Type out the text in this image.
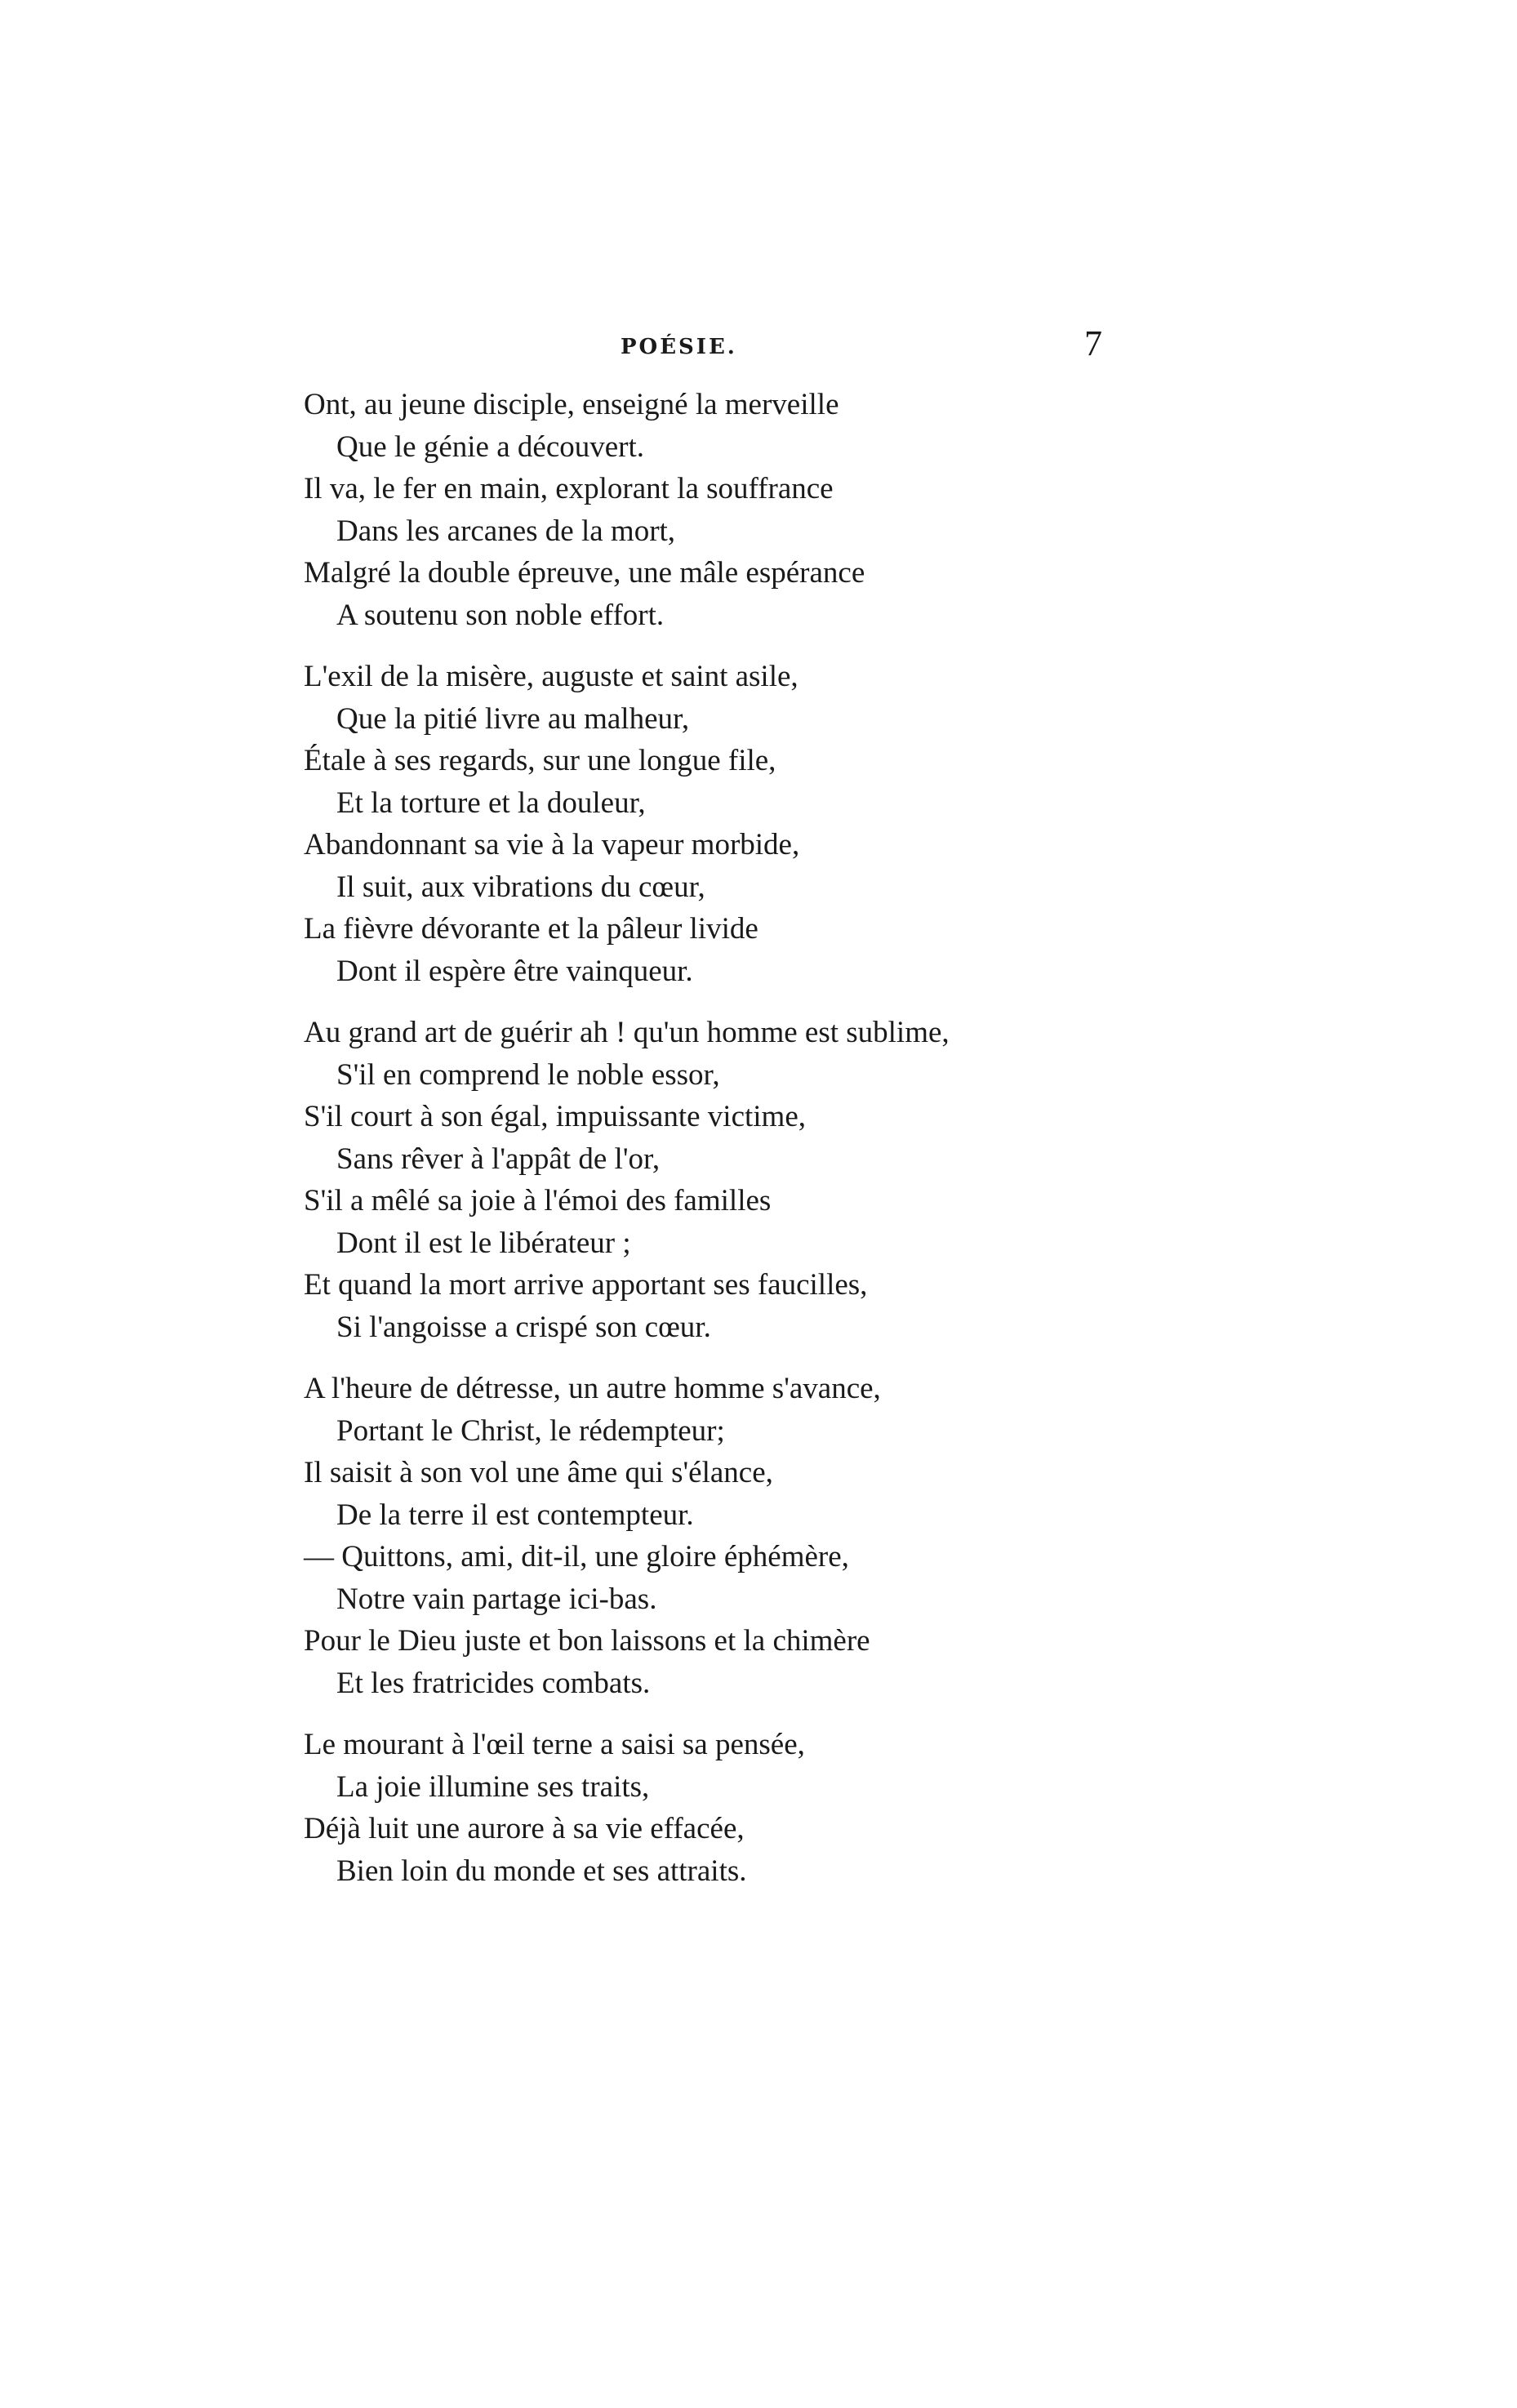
POÉSIE.	7
Ont, au jeune disciple, enseigné la merveille
Que le génie a découvert.
Il va, le fer en main, explorant la souffrance
Dans les arcanes de la mort,
Malgré la double épreuve, une mâle espérance
A soutenu son noble effort.
L'exil de la misère, auguste et saint asile,
Que la pitié livre au malheur,
Étale à ses regards, sur une longue file,
Et la torture et la douleur,
Abandonnant sa vie à la vapeur morbide,
Il suit, aux vibrations du cœur,
La fièvre dévorante et la pâleur livide
Dont il espère être vainqueur.
Au grand art de guérir ah ! qu'un homme est sublime,
S'il en comprend le noble essor,
S'il court à son égal, impuissante victime,
Sans rêver à l'appât de l'or,
S'il a mêlé sa joie à l'émoi des familles
Dont il est le libérateur ;
Et quand la mort arrive apportant ses faucilles,
Si l'angoisse a crispé son cœur.
A l'heure de détresse, un autre homme s'avance,
Portant le Christ, le rédempteur;
Il saisit à son vol une âme qui s'élance,
De la terre il est contempteur.
— Quittons, ami, dit-il, une gloire éphémère,
Notre vain partage ici-bas.
Pour le Dieu juste et bon laissons et la chimère
Et les fratricides combats.
Le mourant à l'œil terne a saisi sa pensée,
La joie illumine ses traits,
Déjà luit une aurore à sa vie effacée,
Bien loin du monde et ses attraits.
